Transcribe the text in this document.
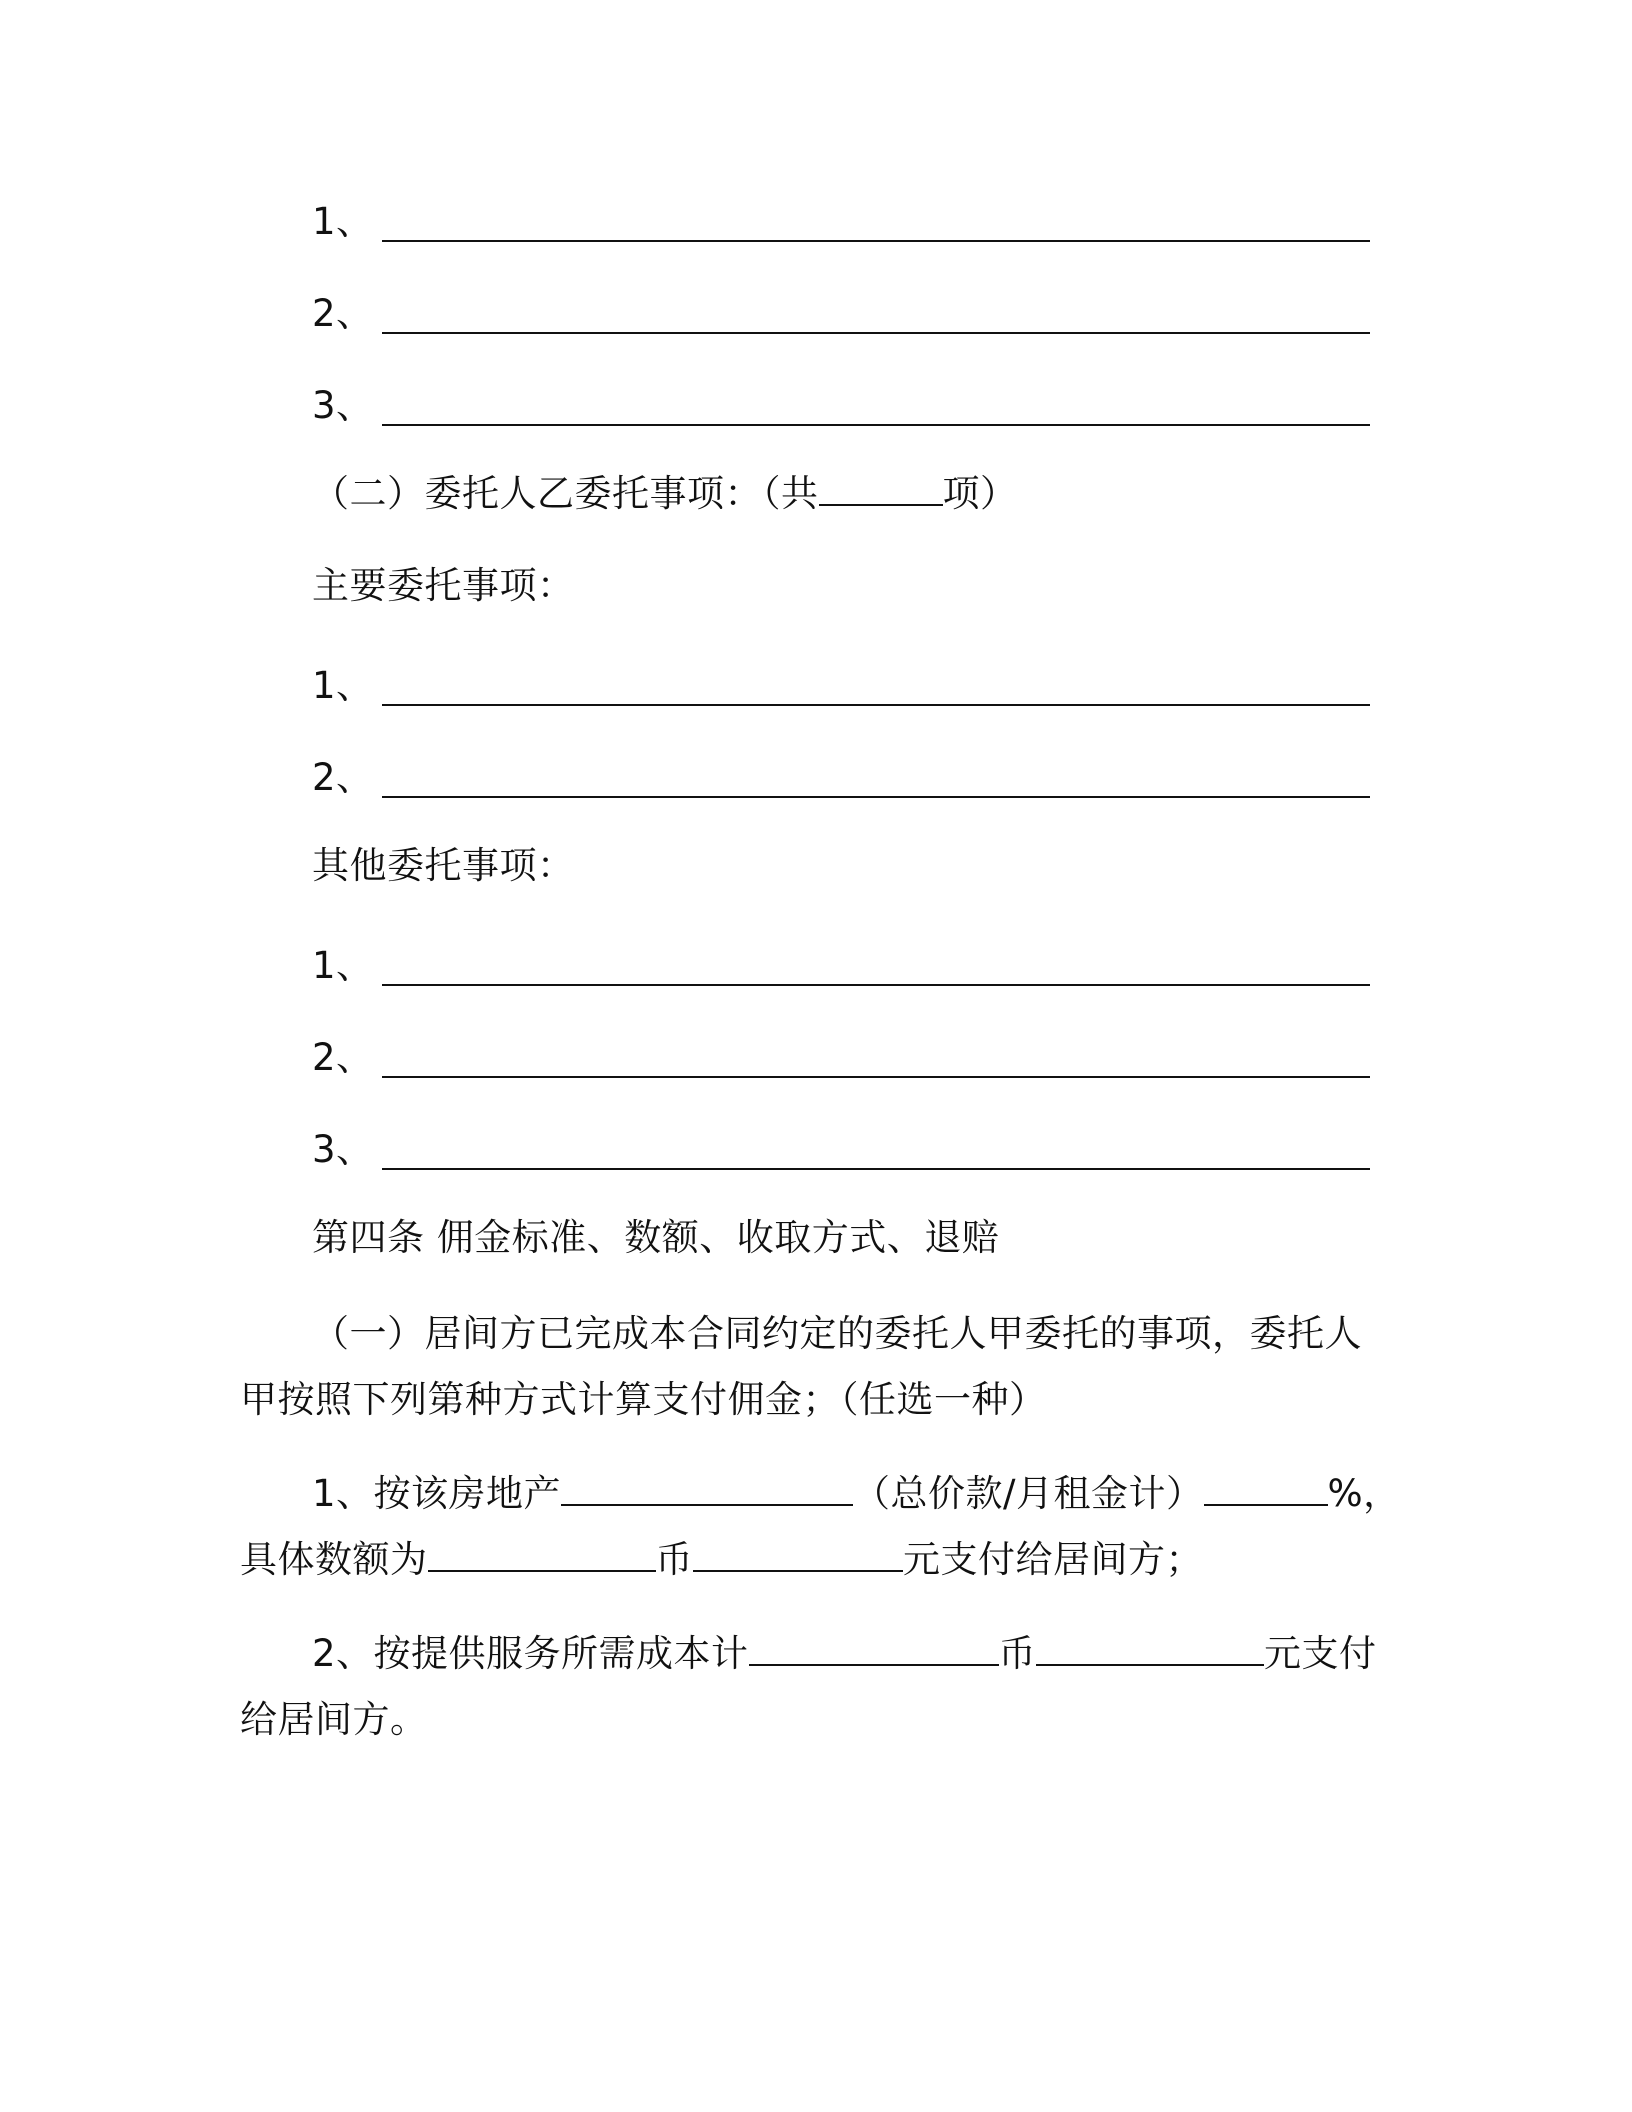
1、
2、
3、
（二）委托人乙委托事项：（共	项）
主要委托事项：
1、
2、
其他委托事项：
1、
2、
3、
第四条 佣金标准、数额、收取方式、退赔
（一）居间方已完成本合同约定的委托人甲委托的事项，委托人
甲按照下列第种方式计算支付佣金；（任选一种）
1、按该房地产	（总价款/月租金计）	%，
具体数额为	币	元支付给居间方；
2、按提供服务所需成本计	币	元支付
给居间方。
